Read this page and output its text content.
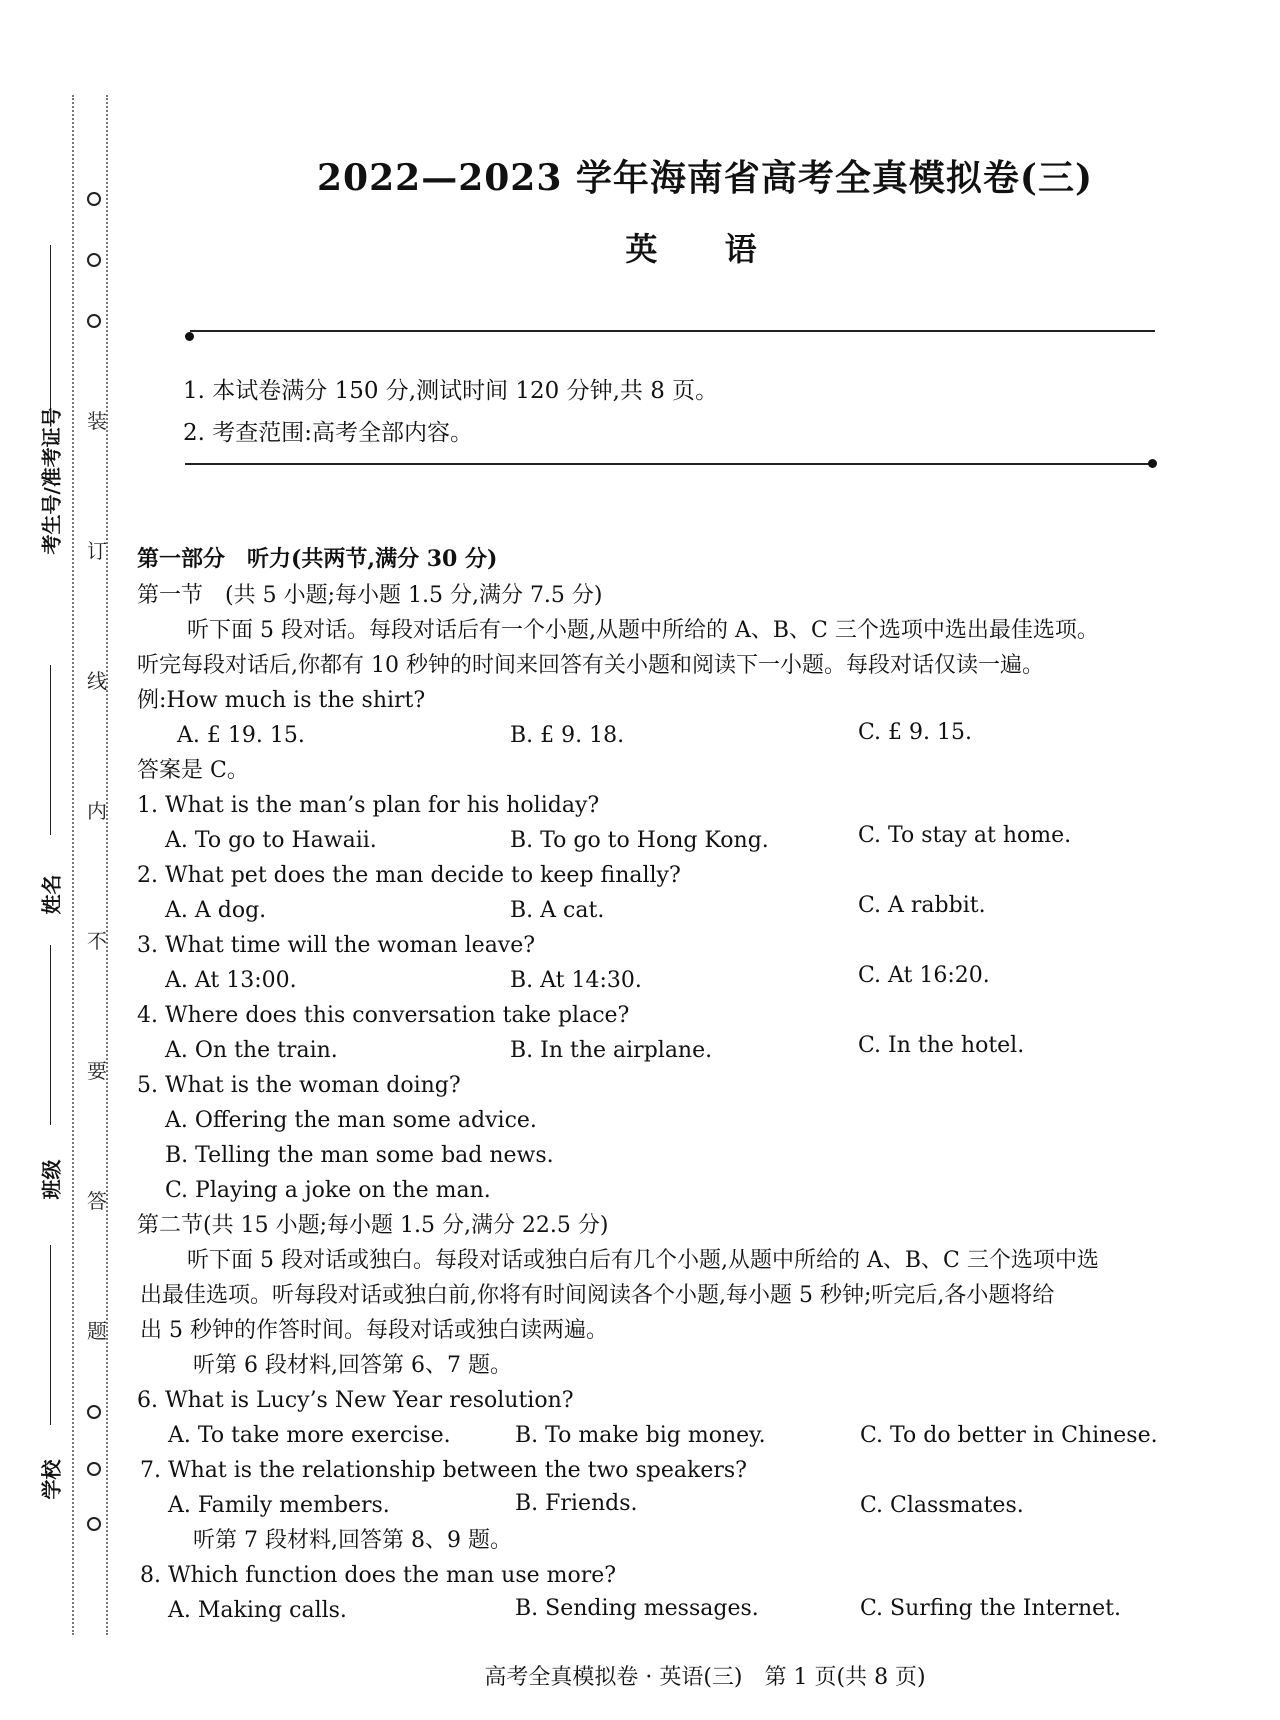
装
订
线
内
不
要
答
题
考生号/准考证号
姓名
班级
学校
2022—2023 学年海南省高考全真模拟卷(三)
英 语
1. 本试卷满分 150 分,测试时间 120 分钟,共 8 页。
2. 考查范围:高考全部内容。
第一部分　听力(共两节,满分 30 分)
第一节　(共 5 小题;每小题 1.5 分,满分 7.5 分)
听下面 5 段对话。每段对话后有一个小题,从题中所给的 A、B、C 三个选项中选出最佳选项。
听完每段对话后,你都有 10 秒钟的时间来回答有关小题和阅读下一小题。每段对话仅读一遍。
例:How much is the shirt?
A. £ 19. 15.	B. £ 9. 18.	C. £ 9. 15.
答案是 C。
1. What is the man’s plan for his holiday?
A. To go to Hawaii.	B. To go to Hong Kong.	C. To stay at home.
2. What pet does the man decide to keep finally?
A. A dog.	B. A cat.	C. A rabbit.
3. What time will the woman leave?
A. At 13:00.	B. At 14:30.	C. At 16:20.
4. Where does this conversation take place?
A. On the train.	B. In the airplane.	C. In the hotel.
5. What is the woman doing?
A. Offering the man some advice.
B. Telling the man some bad news.
C. Playing a joke on the man.
第二节(共 15 小题;每小题 1.5 分,满分 22.5 分)
听下面 5 段对话或独白。每段对话或独白后有几个小题,从题中所给的 A、B、C 三个选项中选
出最佳选项。听每段对话或独白前,你将有时间阅读各个小题,每小题 5 秒钟;听完后,各小题将给
出 5 秒钟的作答时间。每段对话或独白读两遍。
听第 6 段材料,回答第 6、7 题。
6. What is Lucy’s New Year resolution?
A. To take more exercise.	B. To make big money.	C. To do better in Chinese.
7. What is the relationship between the two speakers?
A. Family members.	B. Friends.	C. Classmates.
听第 7 段材料,回答第 8、9 题。
8. Which function does the man use more?
A. Making calls.	B. Sending messages.	C. Surfing the Internet.
高考全真模拟卷 · 英语(三)　第 1 页(共 8 页)
